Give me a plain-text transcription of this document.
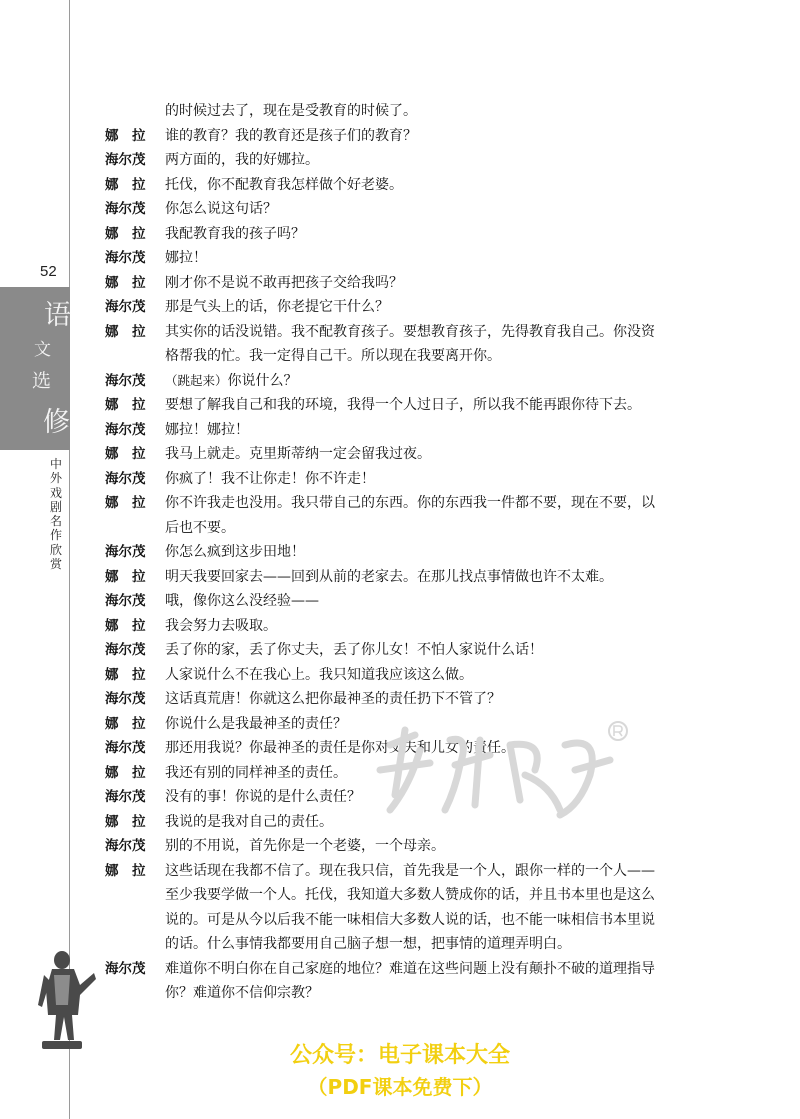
52
语
文
选
修
中
外
戏
剧
名
作
欣
赏
的时候过去了，现在是受教育的时候了。
娜　拉	谁的教育？我的教育还是孩子们的教育？
海尔茂	两方面的，我的好娜拉。
娜　拉	托伐，你不配教育我怎样做个好老婆。
海尔茂	你怎么说这句话？
娜　拉	我配教育我的孩子吗？
海尔茂	娜拉！
娜　拉	刚才你不是说不敢再把孩子交给我吗？
海尔茂	那是气头上的话，你老提它干什么？
娜　拉	其实你的话没说错。我不配教育孩子。要想教育孩子，先得教育我自己。你没资
格帮我的忙。我一定得自己干。所以现在我要离开你。
海尔茂	（跳起来）你说什么？
娜　拉	要想了解我自己和我的环境，我得一个人过日子，所以我不能再跟你待下去。
海尔茂	娜拉！娜拉！
娜　拉	我马上就走。克里斯蒂纳一定会留我过夜。
海尔茂	你疯了！我不让你走！你不许走！
娜　拉	你不许我走也没用。我只带自己的东西。你的东西我一件都不要，现在不要，以
后也不要。
海尔茂	你怎么疯到这步田地！
娜　拉	明天我要回家去——回到从前的老家去。在那儿找点事情做也许不太难。
海尔茂	哦，像你这么没经验——
娜　拉	我会努力去吸取。
海尔茂	丢了你的家，丢了你丈夫，丢了你儿女！不怕人家说什么话！
娜　拉	人家说什么不在我心上。我只知道我应该这么做。
海尔茂	这话真荒唐！你就这么把你最神圣的责任扔下不管了？
娜　拉	你说什么是我最神圣的责任？
海尔茂	那还用我说？你最神圣的责任是你对丈夫和儿女的责任。
娜　拉	我还有别的同样神圣的责任。
海尔茂	没有的事！你说的是什么责任？
娜　拉	我说的是我对自己的责任。
海尔茂	别的不用说，首先你是一个老婆，一个母亲。
娜　拉	这些话现在我都不信了。现在我只信，首先我是一个人，跟你一样的一个人——
至少我要学做一个人。托伐，我知道大多数人赞成你的话，并且书本里也是这么
说的。可是从今以后我不能一味相信大多数人说的话，也不能一味相信书本里说
的话。什么事情我都要用自己脑子想一想，把事情的道理弄明白。
海尔茂	难道你不明白你在自己家庭的地位？难道在这些问题上没有颠扑不破的道理指导
你？难道你不信仰宗教？
公众号：电子课本大全
（PDF课本免费下）
